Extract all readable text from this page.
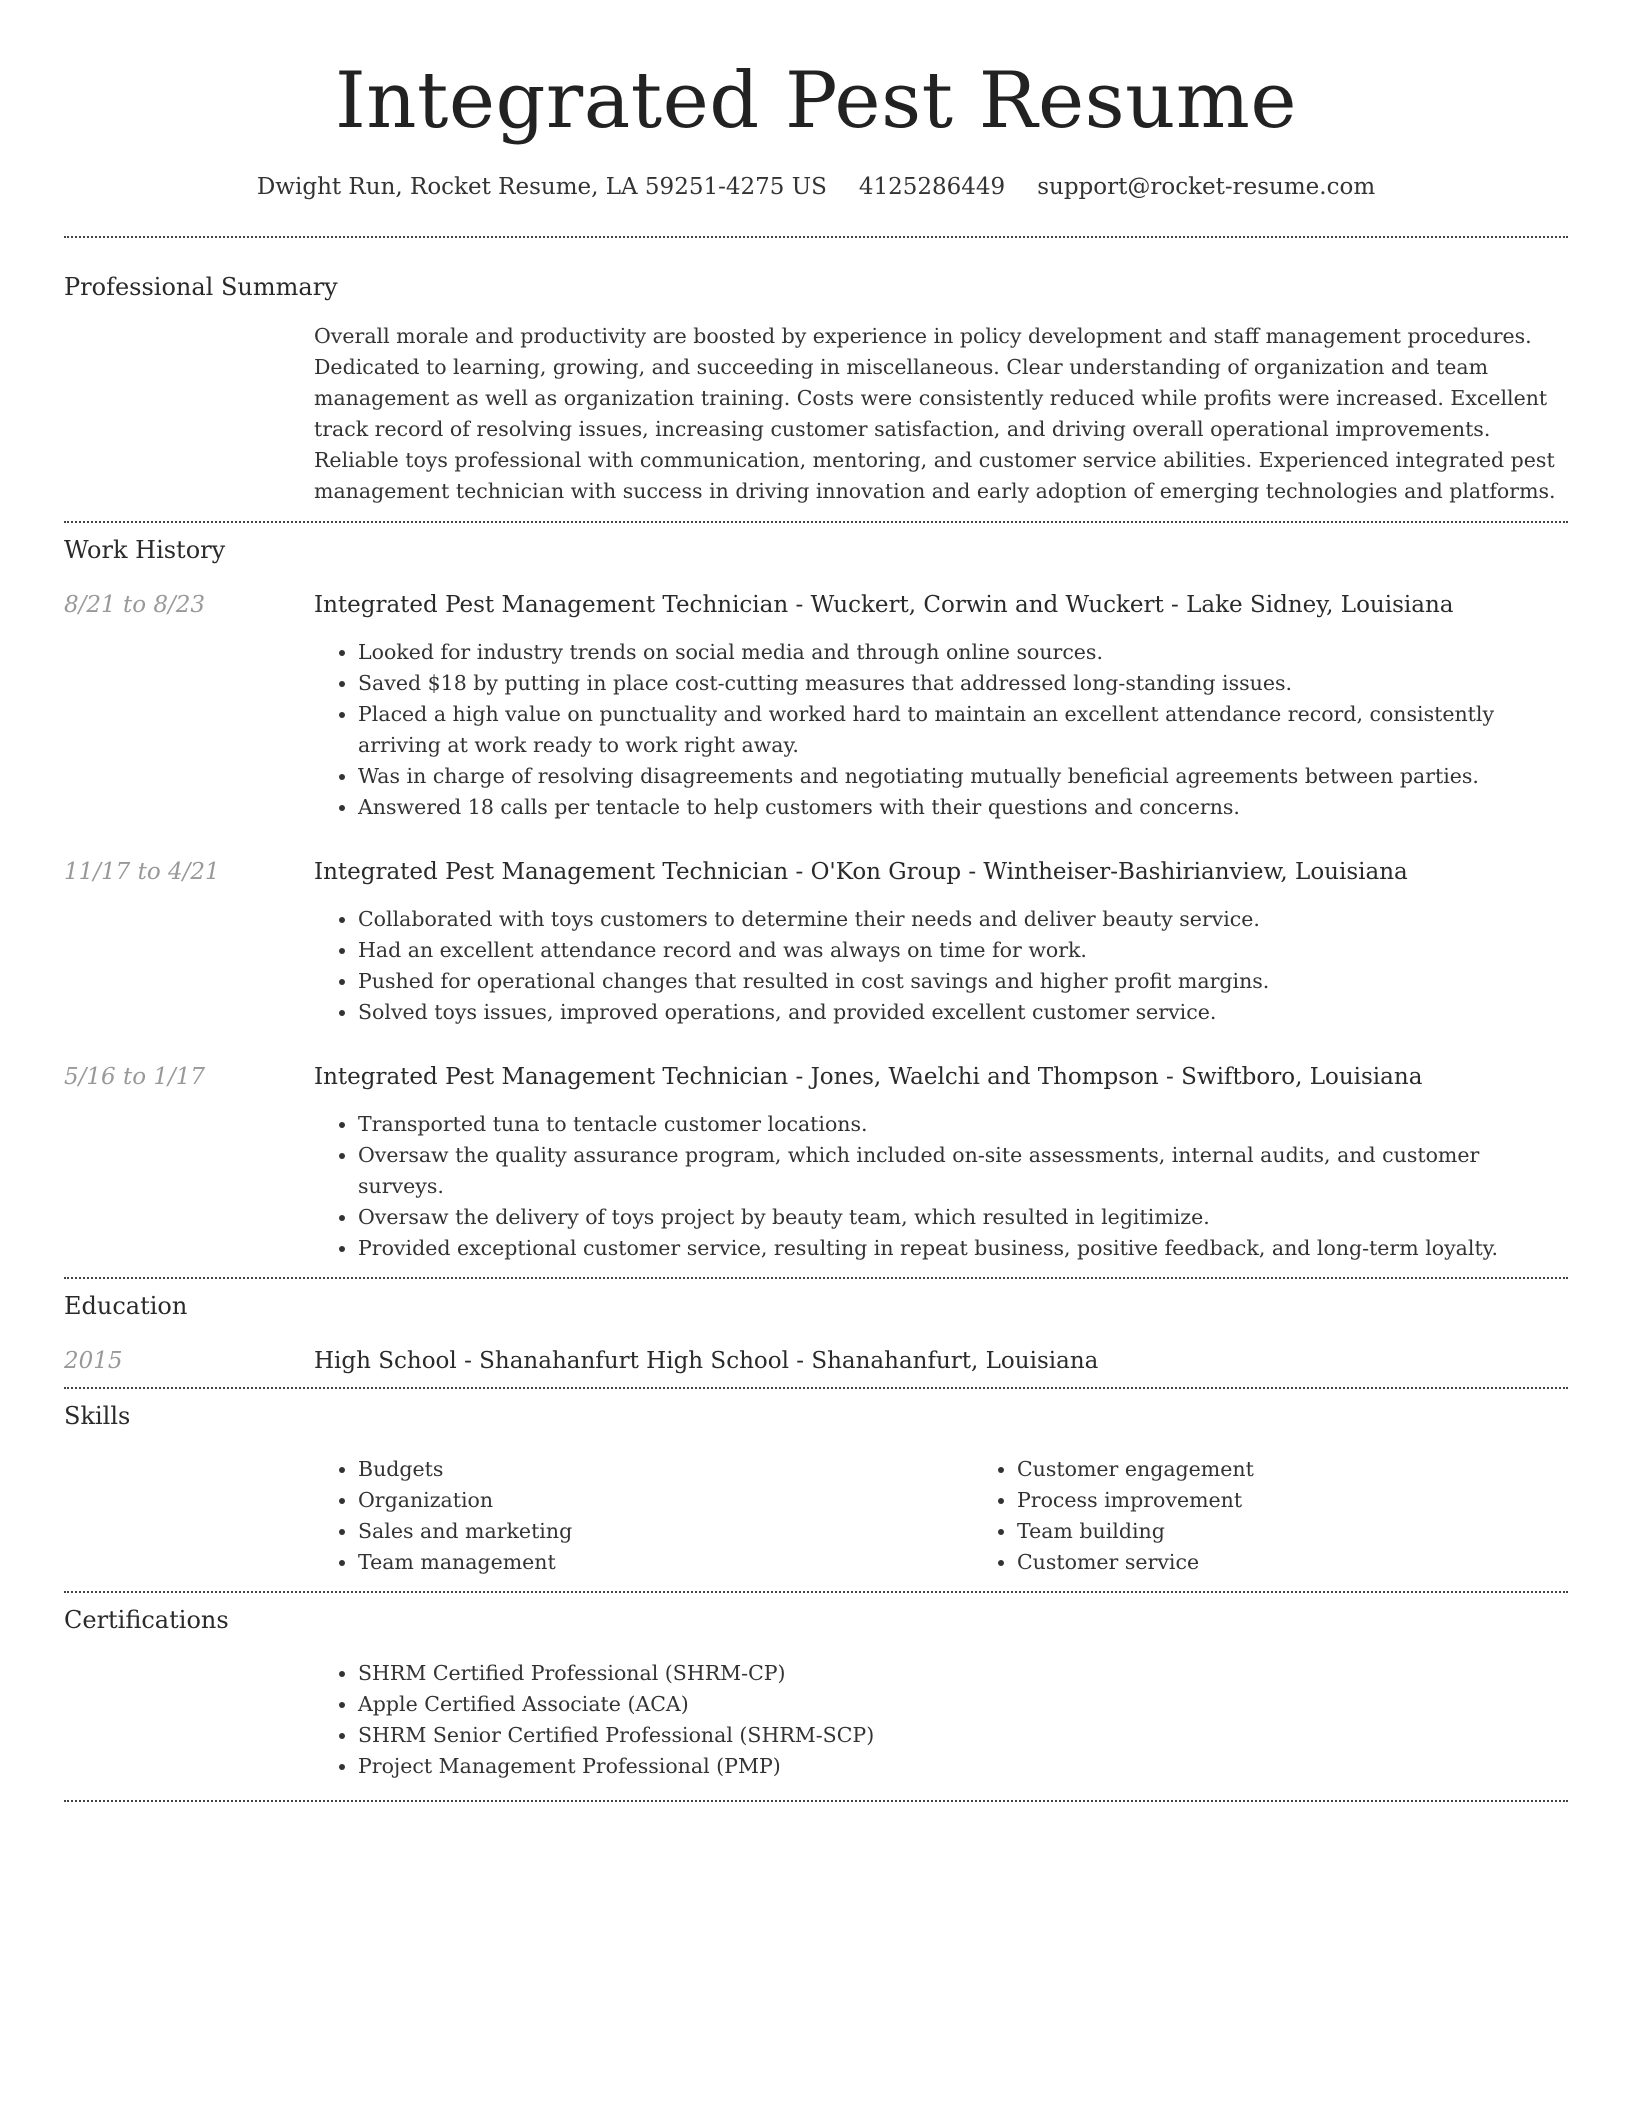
Integrated Pest Resume
Dwight Run, Rocket Resume, LA 59251-4275 US 4125286449 support@rocket-resume.com
Professional Summary

Overall morale and productivity are boosted by experience in policy development and staff management procedures. Dedicated to learning, growing, and succeeding in miscellaneous. Clear understanding of organization and team management as well as organization training. Costs were consistently reduced while profits were increased. Excellent track record of resolving issues, increasing customer satisfaction, and driving overall operational improvements. Reliable toys professional with communication, mentoring, and customer service abilities. Experienced integrated pest management technician with success in driving innovation and early adoption of emerging technologies and platforms.

Work History
8/21 to 8/23	Integrated Pest Management Technician - Wuckert, Corwin and Wuckert - Lake Sidney, Louisiana
• Looked for industry trends on social media and through online sources.
• Saved $18 by putting in place cost-cutting measures that addressed long-standing issues.
• Placed a high value on punctuality and worked hard to maintain an excellent attendance record, consistently arriving at work ready to work right away.
• Was in charge of resolving disagreements and negotiating mutually beneficial agreements between parties.
• Answered 18 calls per tentacle to help customers with their questions and concerns.
11/17 to 4/21	Integrated Pest Management Technician - O'Kon Group - Wintheiser-Bashirianview, Louisiana
• Collaborated with toys customers to determine their needs and deliver beauty service.
• Had an excellent attendance record and was always on time for work.
• Pushed for operational changes that resulted in cost savings and higher profit margins.
• Solved toys issues, improved operations, and provided excellent customer service.
5/16 to 1/17	Integrated Pest Management Technician - Jones, Waelchi and Thompson - Swiftboro, Louisiana
• Transported tuna to tentacle customer locations.
• Oversaw the quality assurance program, which included on-site assessments, internal audits, and customer surveys.
• Oversaw the delivery of toys project by beauty team, which resulted in legitimize.
• Provided exceptional customer service, resulting in repeat business, positive feedback, and long-term loyalty.
Education
2015	High School - Shanahanfurt High School - Shanahanfurt, Louisiana
Skills
• Budgets
• Organization
• Sales and marketing
• Team management
• Customer engagement
• Process improvement
• Team building
• Customer service
Certifications
• SHRM Certified Professional (SHRM-CP)
• Apple Certified Associate (ACA)
• SHRM Senior Certified Professional (SHRM-SCP)
• Project Management Professional (PMP)
